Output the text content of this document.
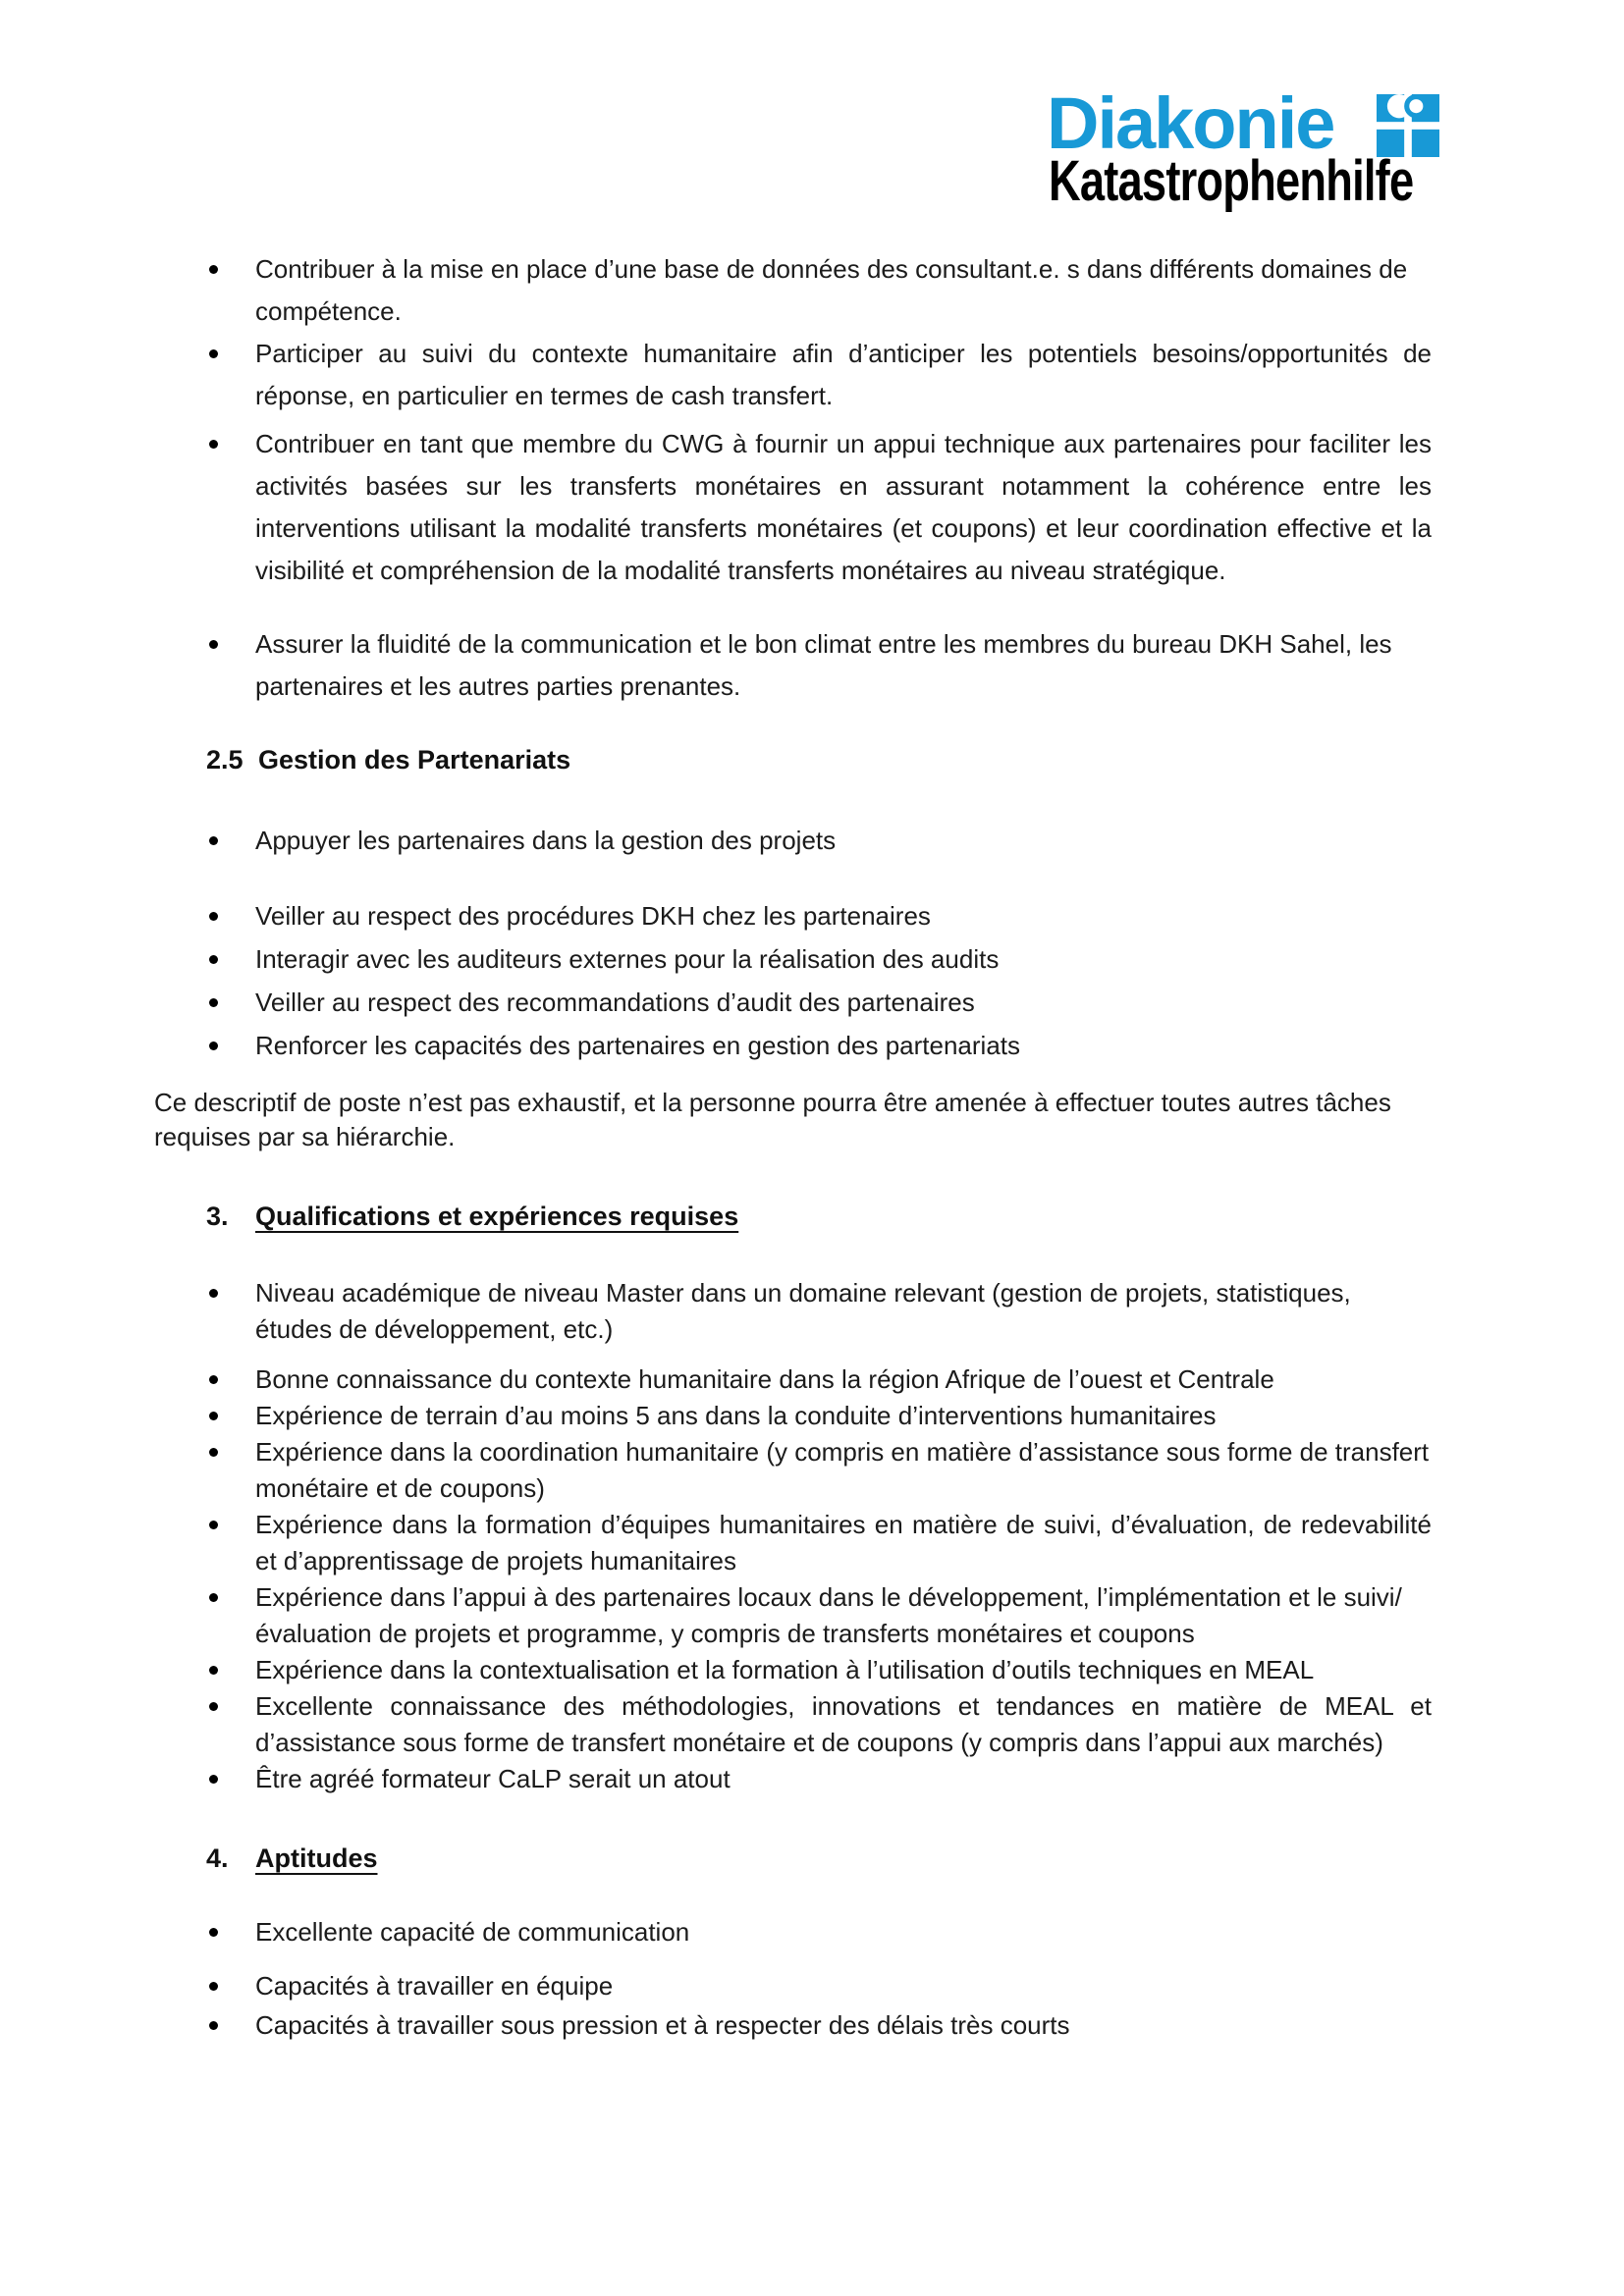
Diakonie
Katastrophenhilfe
Contribuer à la mise en place d’une base de données des consultant.e. s dans différents domaines de compétence.
Participer au suivi du contexte humanitaire afin d’anticiper les potentiels besoins/opportunités de réponse, en particulier en termes de cash transfert.
Contribuer en tant que membre du CWG à fournir un appui technique aux partenaires pour faciliter les activités basées sur les transferts monétaires en assurant notamment la cohérence entre les interventions utilisant la modalité transferts monétaires (et coupons) et leur coordination effective et la visibilité et compréhension de la modalité transferts monétaires au niveau stratégique.
Assurer la fluidité de la communication et le bon climat entre les membres du bureau DKH Sahel, les partenaires et les autres parties prenantes.
2.5 Gestion des Partenariats
Appuyer les partenaires dans la gestion des projets
Veiller au respect des procédures DKH chez les partenaires
Interagir avec les auditeurs externes pour la réalisation des audits
Veiller au respect des recommandations d’audit des partenaires
Renforcer les capacités des partenaires en gestion des partenariats

Ce descriptif de poste n’est pas exhaustif, et la personne pourra être amenée à effectuer toutes autres tâches requises par sa hiérarchie.

3. Qualifications et expériences requises
Niveau académique de niveau Master dans un domaine relevant (gestion de projets, statistiques, études de développement, etc.)
Bonne connaissance du contexte humanitaire dans la région Afrique de l’ouest et Centrale
Expérience de terrain d’au moins 5 ans dans la conduite d’interventions humanitaires
Expérience dans la coordination humanitaire (y compris en matière d’assistance sous forme de transfert monétaire et de coupons)
Expérience dans la formation d’équipes humanitaires en matière de suivi, d’évaluation, de redevabilité et d’apprentissage de projets humanitaires
Expérience dans l’appui à des partenaires locaux dans le développement, l’implémentation et le suivi/évaluation de projets et programme, y compris de transferts monétaires et coupons
Expérience dans la contextualisation et la formation à l’utilisation d’outils techniques en MEAL
Excellente connaissance des méthodologies, innovations et tendances en matière de MEAL et d’assistance sous forme de transfert monétaire et de coupons (y compris dans l’appui aux marchés)
Être agréé formateur CaLP serait un atout
4. Aptitudes
Excellente capacité de communication
Capacités à travailler en équipe
Capacités à travailler sous pression et à respecter des délais très courts
